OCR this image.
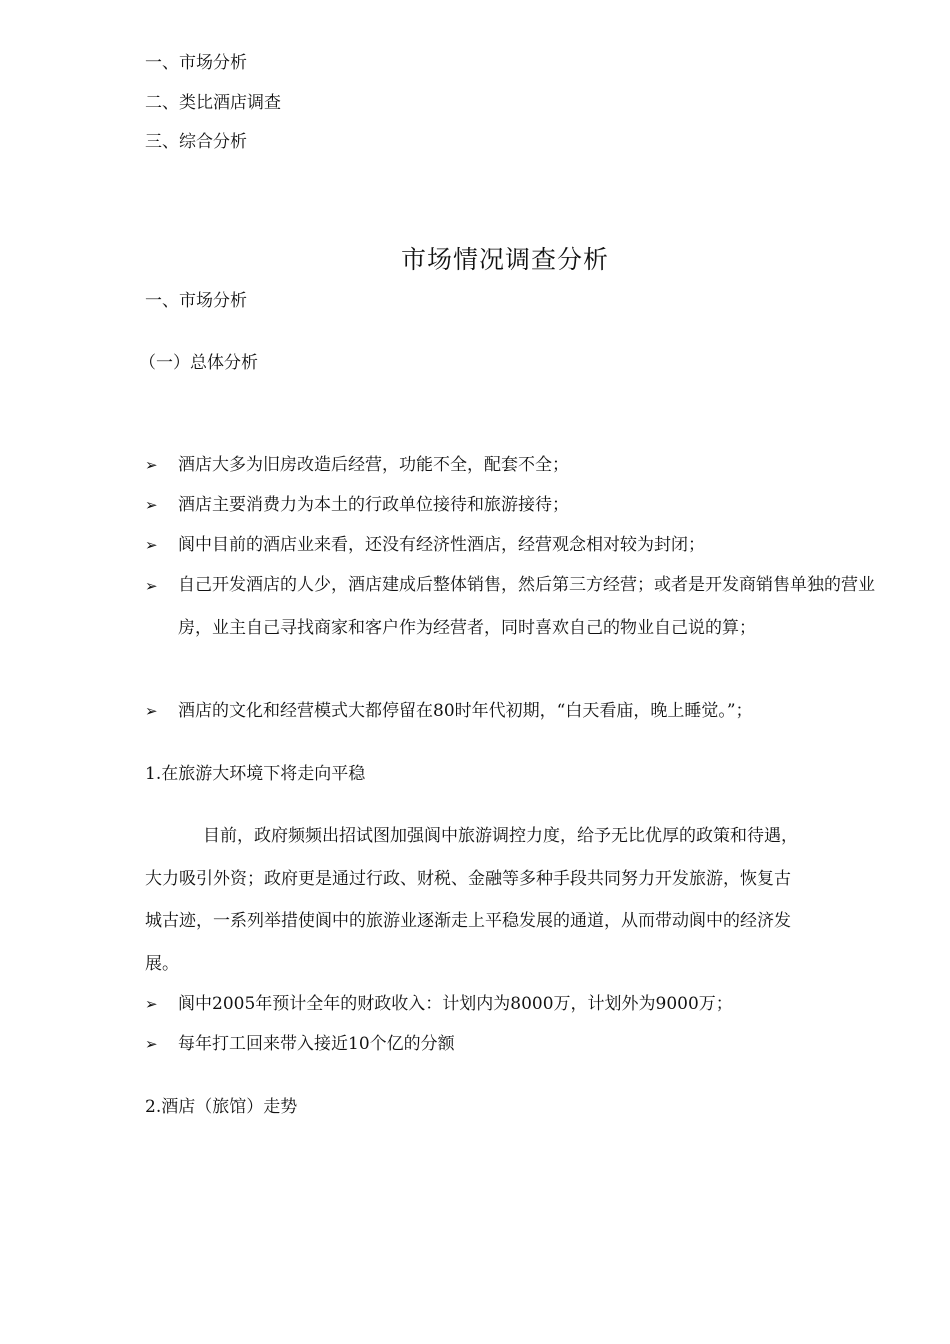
一、市场分析
二、类比酒店调查
三、综合分析
市场情况调查分析
一、市场分析
（一）总体分析
➢ 酒店大多为旧房改造后经营，功能不全，配套不全；
➢ 酒店主要消费力为本土的行政单位接待和旅游接待；
➢ 阆中目前的酒店业来看，还没有经济性酒店，经营观念相对较为封闭；
➢ 自己开发酒店的人少，酒店建成后整体销售，然后第三方经营；或者是开发商销售单独的营业房，业主自己寻找商家和客户作为经营者，同时喜欢自己的物业自己说的算；
➢ 酒店的文化和经营模式大都停留在80时年代初期，“白天看庙，晚上睡觉。”；
1.在旅游大环境下将走向平稳
目前，政府频频出招试图加强阆中旅游调控力度，给予无比优厚的政策和待遇，
大力吸引外资；政府更是通过行政、财税、金融等多种手段共同努力开发旅游，恢复古
城古迹，一系列举措使阆中的旅游业逐渐走上平稳发展的通道，从而带动阆中的经济发
展。
➢ 阆中2005年预计全年的财政收入：计划内为8000万，计划外为9000万；
➢ 每年打工回来带入接近10个亿的分额
2.酒店（旅馆）走势
